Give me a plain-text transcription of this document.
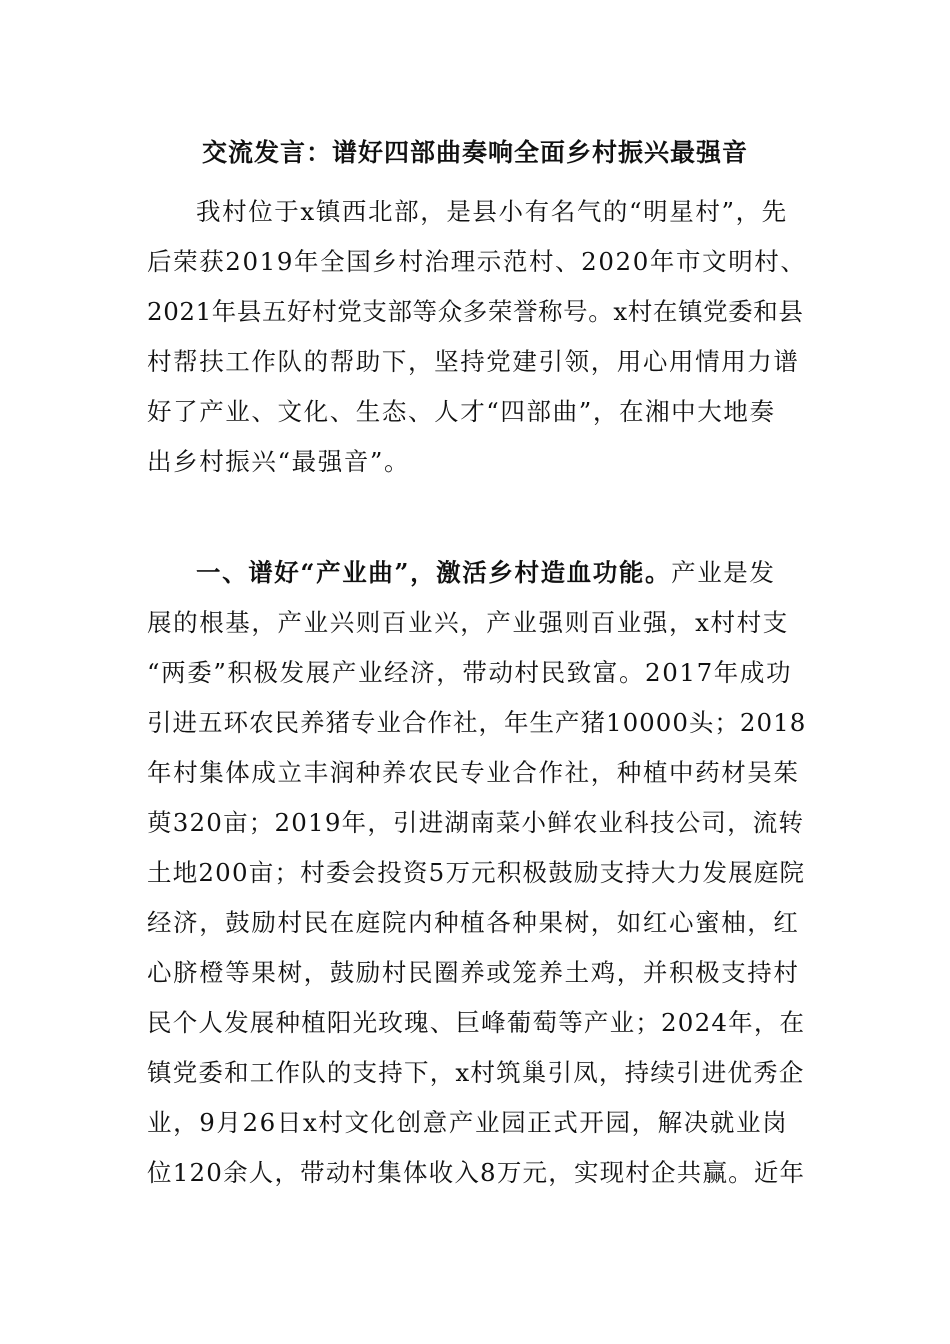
交流发言：谱好四部曲奏响全面乡村振兴最强音
我村位于x镇西北部，是县小有名气的“明星村”，先
后荣获2019年全国乡村治理示范村、2020年市文明村、
2021年县五好村党支部等众多荣誉称号。x村在镇党委和县
村帮扶工作队的帮助下，坚持党建引领，用心用情用力谱
好了产业、文化、生态、人才“四部曲”，在湘中大地奏
出乡村振兴“最强音”。
一、谱好“产业曲”，激活乡村造血功能。产业是发
展的根基，产业兴则百业兴，产业强则百业强，x村村支
“两委”积极发展产业经济，带动村民致富。2017年成功
引进五环农民养猪专业合作社，年生产猪10000头；2018
年村集体成立丰润种养农民专业合作社，种植中药材吴茱
萸320亩；2019年，引进湖南菜小鲜农业科技公司，流转
土地200亩；村委会投资5万元积极鼓励支持大力发展庭院
经济，鼓励村民在庭院内种植各种果树，如红心蜜柚，红
心脐橙等果树，鼓励村民圈养或笼养土鸡，并积极支持村
民个人发展种植阳光玫瑰、巨峰葡萄等产业；2024年，在
镇党委和工作队的支持下，x村筑巢引凤，持续引进优秀企
业，9月26日x村文化创意产业园正式开园，解决就业岗
位120余人，带动村集体收入8万元，实现村企共赢。近年
